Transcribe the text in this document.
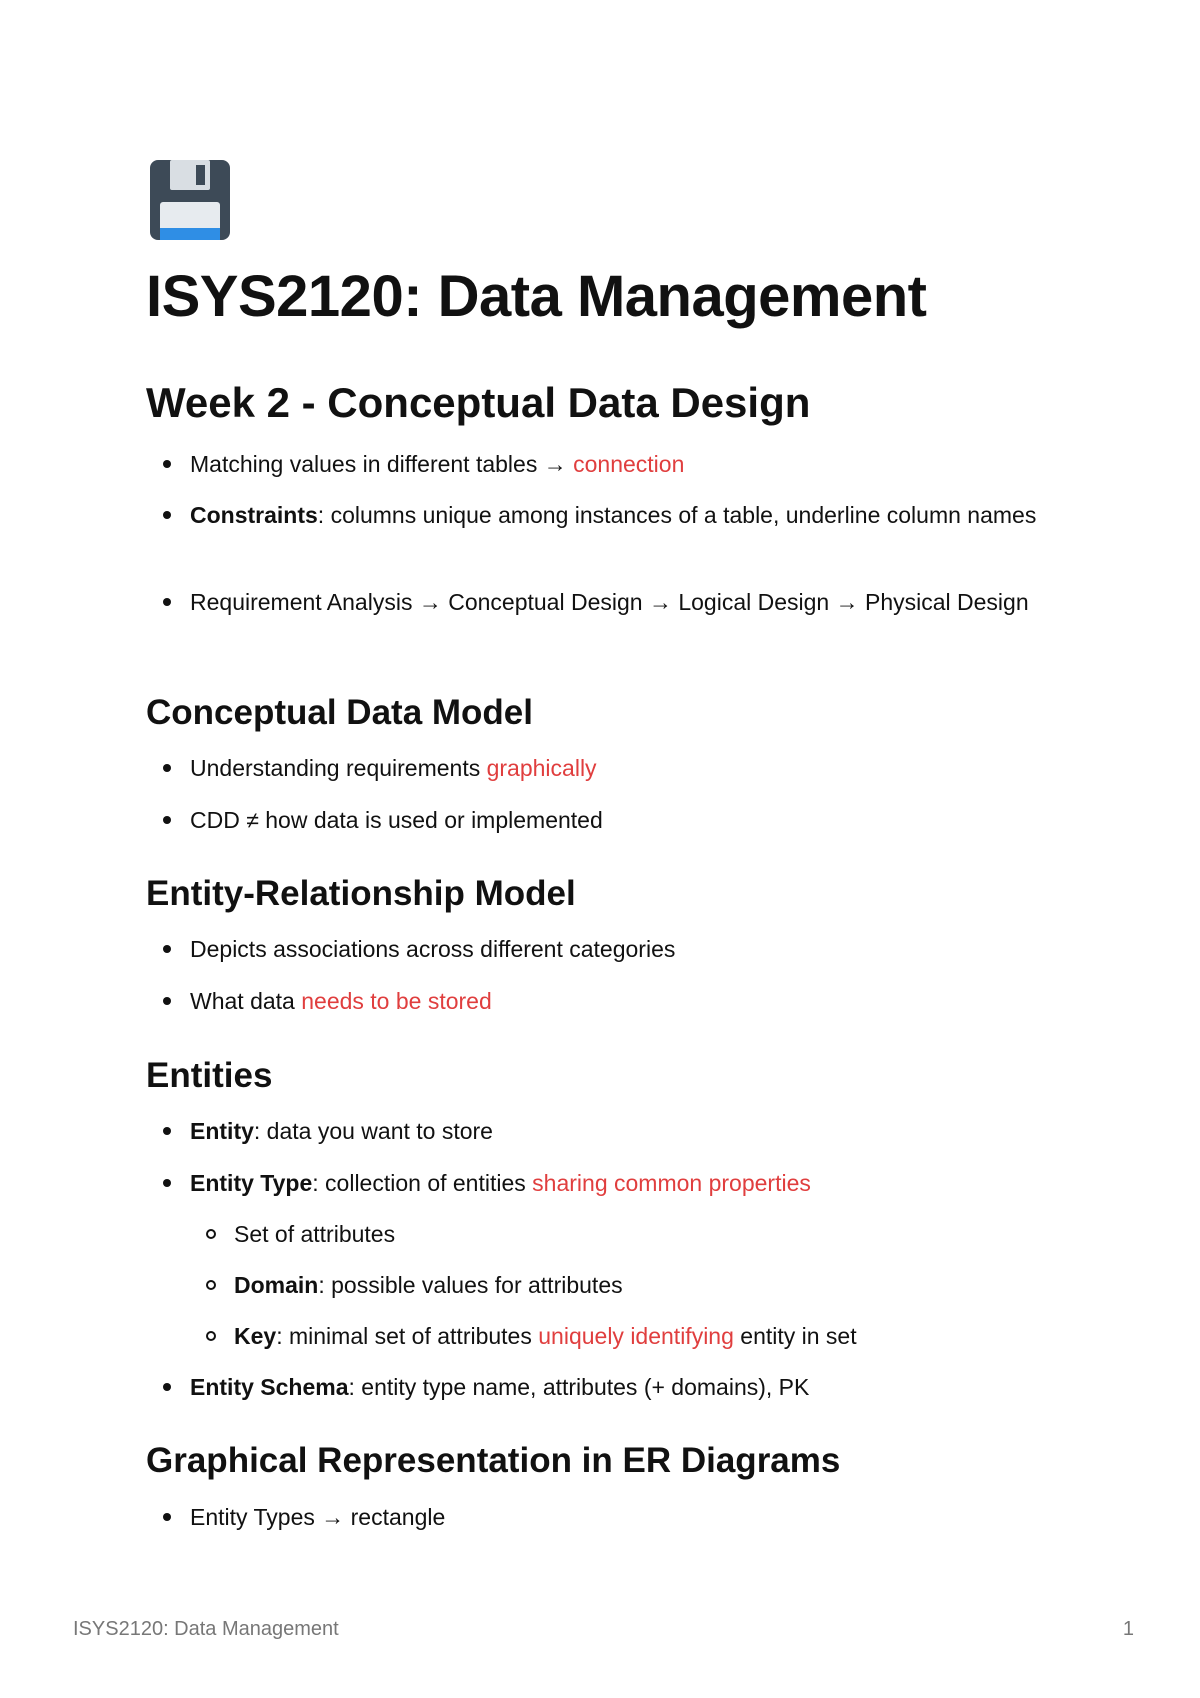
ISYS2120: Data Management
Week 2 - Conceptual Data Design
Matching values in different tables → connection
Constraints: columns unique among instances of a table, underline column names
Requirement Analysis → Conceptual Design → Logical Design → Physical Design
Conceptual Data Model
Understanding requirements graphically
CDD ≠ how data is used or implemented
Entity-Relationship Model
Depicts associations across different categories
What data needs to be stored
Entities
Entity: data you want to store
Entity Type: collection of entities sharing common properties
Set of attributes
Domain: possible values for attributes
Key: minimal set of attributes uniquely identifying entity in set
Entity Schema: entity type name, attributes (+ domains), PK
Graphical Representation in ER Diagrams
Entity Types → rectangle
ISYS2120: Data Management	1
